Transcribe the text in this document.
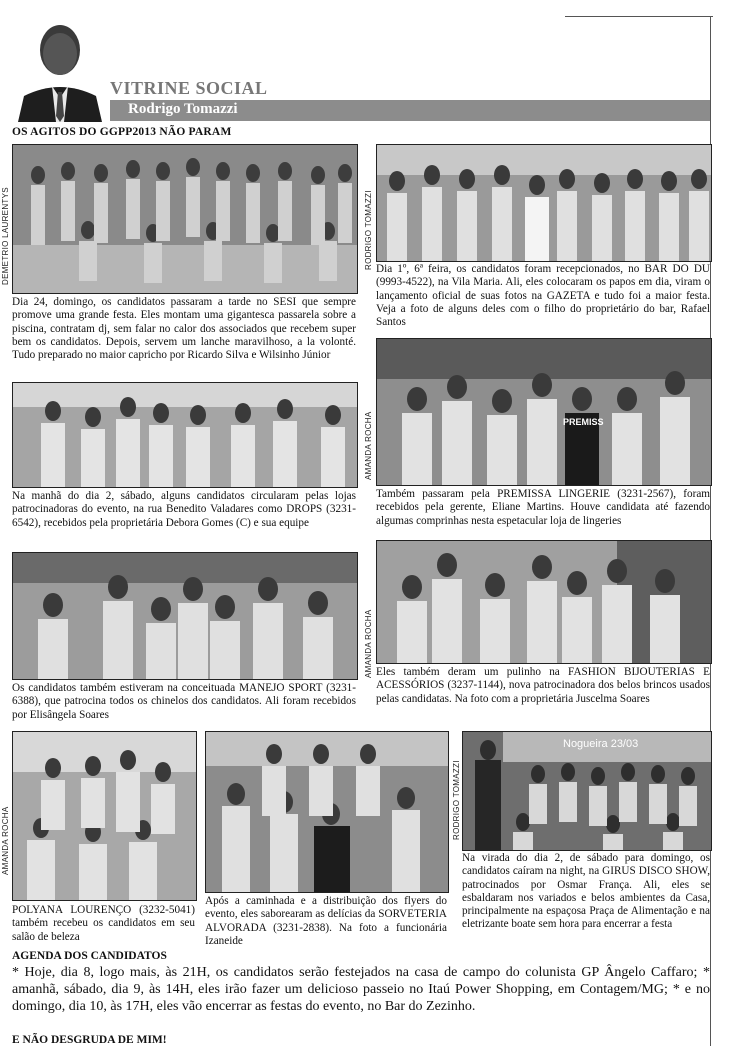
VITRINE SOCIAL
Rodrigo Tomazzi
OS AGITOS DO GGPP2013 NÃO PARAM
DEMETRIO LAURENTYS
Dia 24, domingo, os candidatos passaram a tarde no SESI que sempre promove uma grande festa. Eles montam uma gigantesca passarela sobre a piscina, contratam dj, sem falar no calor dos associados que recebem super bem os candidatos. Depois, servem um lanche maravilhoso, a la volonté. Tudo preparado no maior capricho por Ricardo Silva e Wilsinho Júnior
RODRIGO TOMAZZI Dia 1º, 6ª feira, os candidatos foram recepcionados, no BAR DO DU (9993-4522), na Vila Maria. Ali, eles colocaram os papos em dia, viram o lançamento oficial de suas fotos na GAZETA e tudo foi a maior festa. Veja a foto de alguns deles com o filho do proprietário do bar, Rafael Santos
Na manhã do dia 2, sábado, alguns candidatos circularam pelas lojas patrocinadoras do evento, na rua Benedito Valadares como DROPS (3231-6542), recebidos pela proprietária Debora Gomes (C) e sua equipe
AMANDA ROCHA	PREMISS
Também passaram pela PREMISSA LINGERIE (3231-2567), foram recebidos pela gerente, Eliane Martins. Houve candidata até fazendo algumas comprinhas nesta espetacular loja de lingeries
Os candidatos também estiveram na conceituada MANEJO SPORT (3231-6388), que patrocina todos os chinelos dos candidatos. Ali foram recebidos por Elisângela Soares
AMANDA ROCHA Eles também deram um pulinho na FASHION BIJOUTERIAS E ACESSÓRIOS (3237-1144), nova patrocinadora dos belos brincos usados pelas candidatas. Na foto com a proprietária Juscelma Soares
AMANDA ROCHA
POLYANA LOURENÇO (3232-5041) também recebeu os candidatos em seu salão de beleza
Após a caminhada e a distribuição dos flyers do evento, eles saborearam as delícias da SORVETERIA ALVORADA (3231-2838). Na foto a funcionária Izaneide
RODRIGO TOMAZZI
Nogueira 23/03
Na virada do dia 2, de sábado para domingo, os candidatos caíram na night, na GIRUS DISCO SHOW, patrocinados por Osmar França. Ali, eles se esbaldaram nos variados e belos ambientes da Casa, principalmente na espaçosa Praça de Alimentação e na eletrizante boate sem hora para encerrar a festa
AGENDA DOS CANDIDATOS
* Hoje, dia 8, logo mais, às 21H, os candidatos serão festejados na casa de campo do colunista GP Ângelo Caffaro; * amanhã, sábado, dia 9, às 14H, eles irão fazer um delicioso passeio no Itaú Power Shopping, em Contagem/MG; * e no domingo, dia 10, às 17H, eles vão encerrar as festas do evento, no Bar do Zezinho.
E NÃO DESGRUDA DE MIM!
